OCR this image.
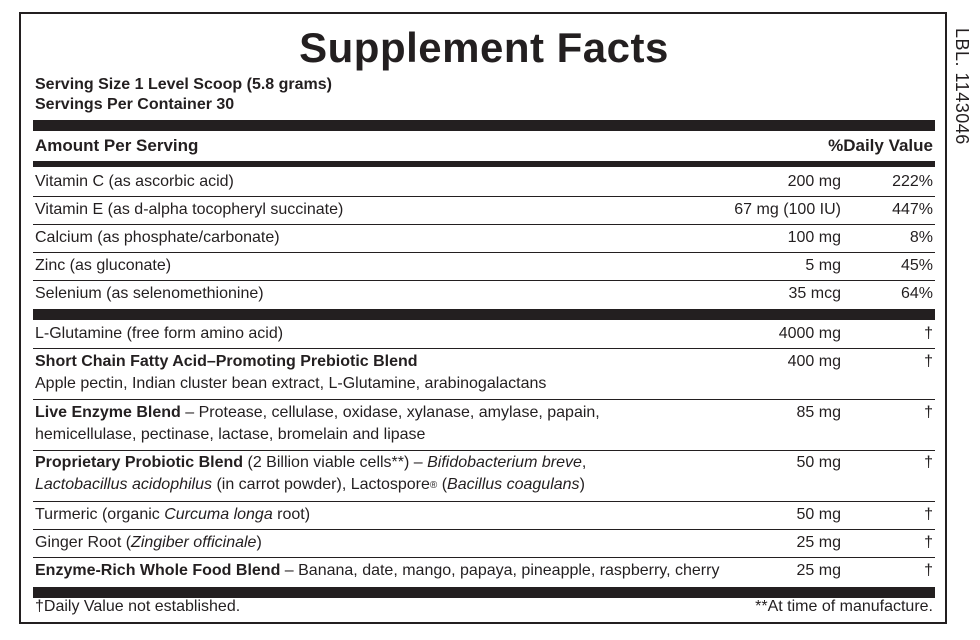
Supplement Facts
Serving Size 1 Level Scoop (5.8 grams)
Servings Per Container 30
Amount Per Serving	%Daily Value
Vitamin C (as ascorbic acid)	200 mg	222%
Vitamin E (as d-alpha tocopheryl succinate)	67 mg (100 IU)	447%
Calcium (as phosphate/carbonate)	100 mg	8%
Zinc (as gluconate)	5 mg	45%
Selenium (as selenomethionine)	35 mcg	64%
L-Glutamine (free form amino acid)	4000 mg	†
Short Chain Fatty Acid–Promoting Prebiotic Blend
Apple pectin, Indian cluster bean extract, L-Glutamine, arabinogalactans
400 mg	†
Live Enzyme Blend – Protease, cellulase, oxidase, xylanase, amylase, papain,
hemicellulase, pectinase, lactase, bromelain and lipase
85 mg	†
Proprietary Probiotic Blend (2 Billion viable cells**) – Bifidobacterium breve,
Lactobacillus acidophilus (in carrot powder), Lactospore® (Bacillus coagulans)
50 mg	†
Turmeric (organic Curcuma longa root)	50 mg	†
Ginger Root (Zingiber officinale)	25 mg	†
Enzyme-Rich Whole Food Blend – Banana, date, mango, papaya, pineapple, raspberry, cherry	25 mg	†
†Daily Value not established.	**At time of manufacture.
LBL. 1143046
